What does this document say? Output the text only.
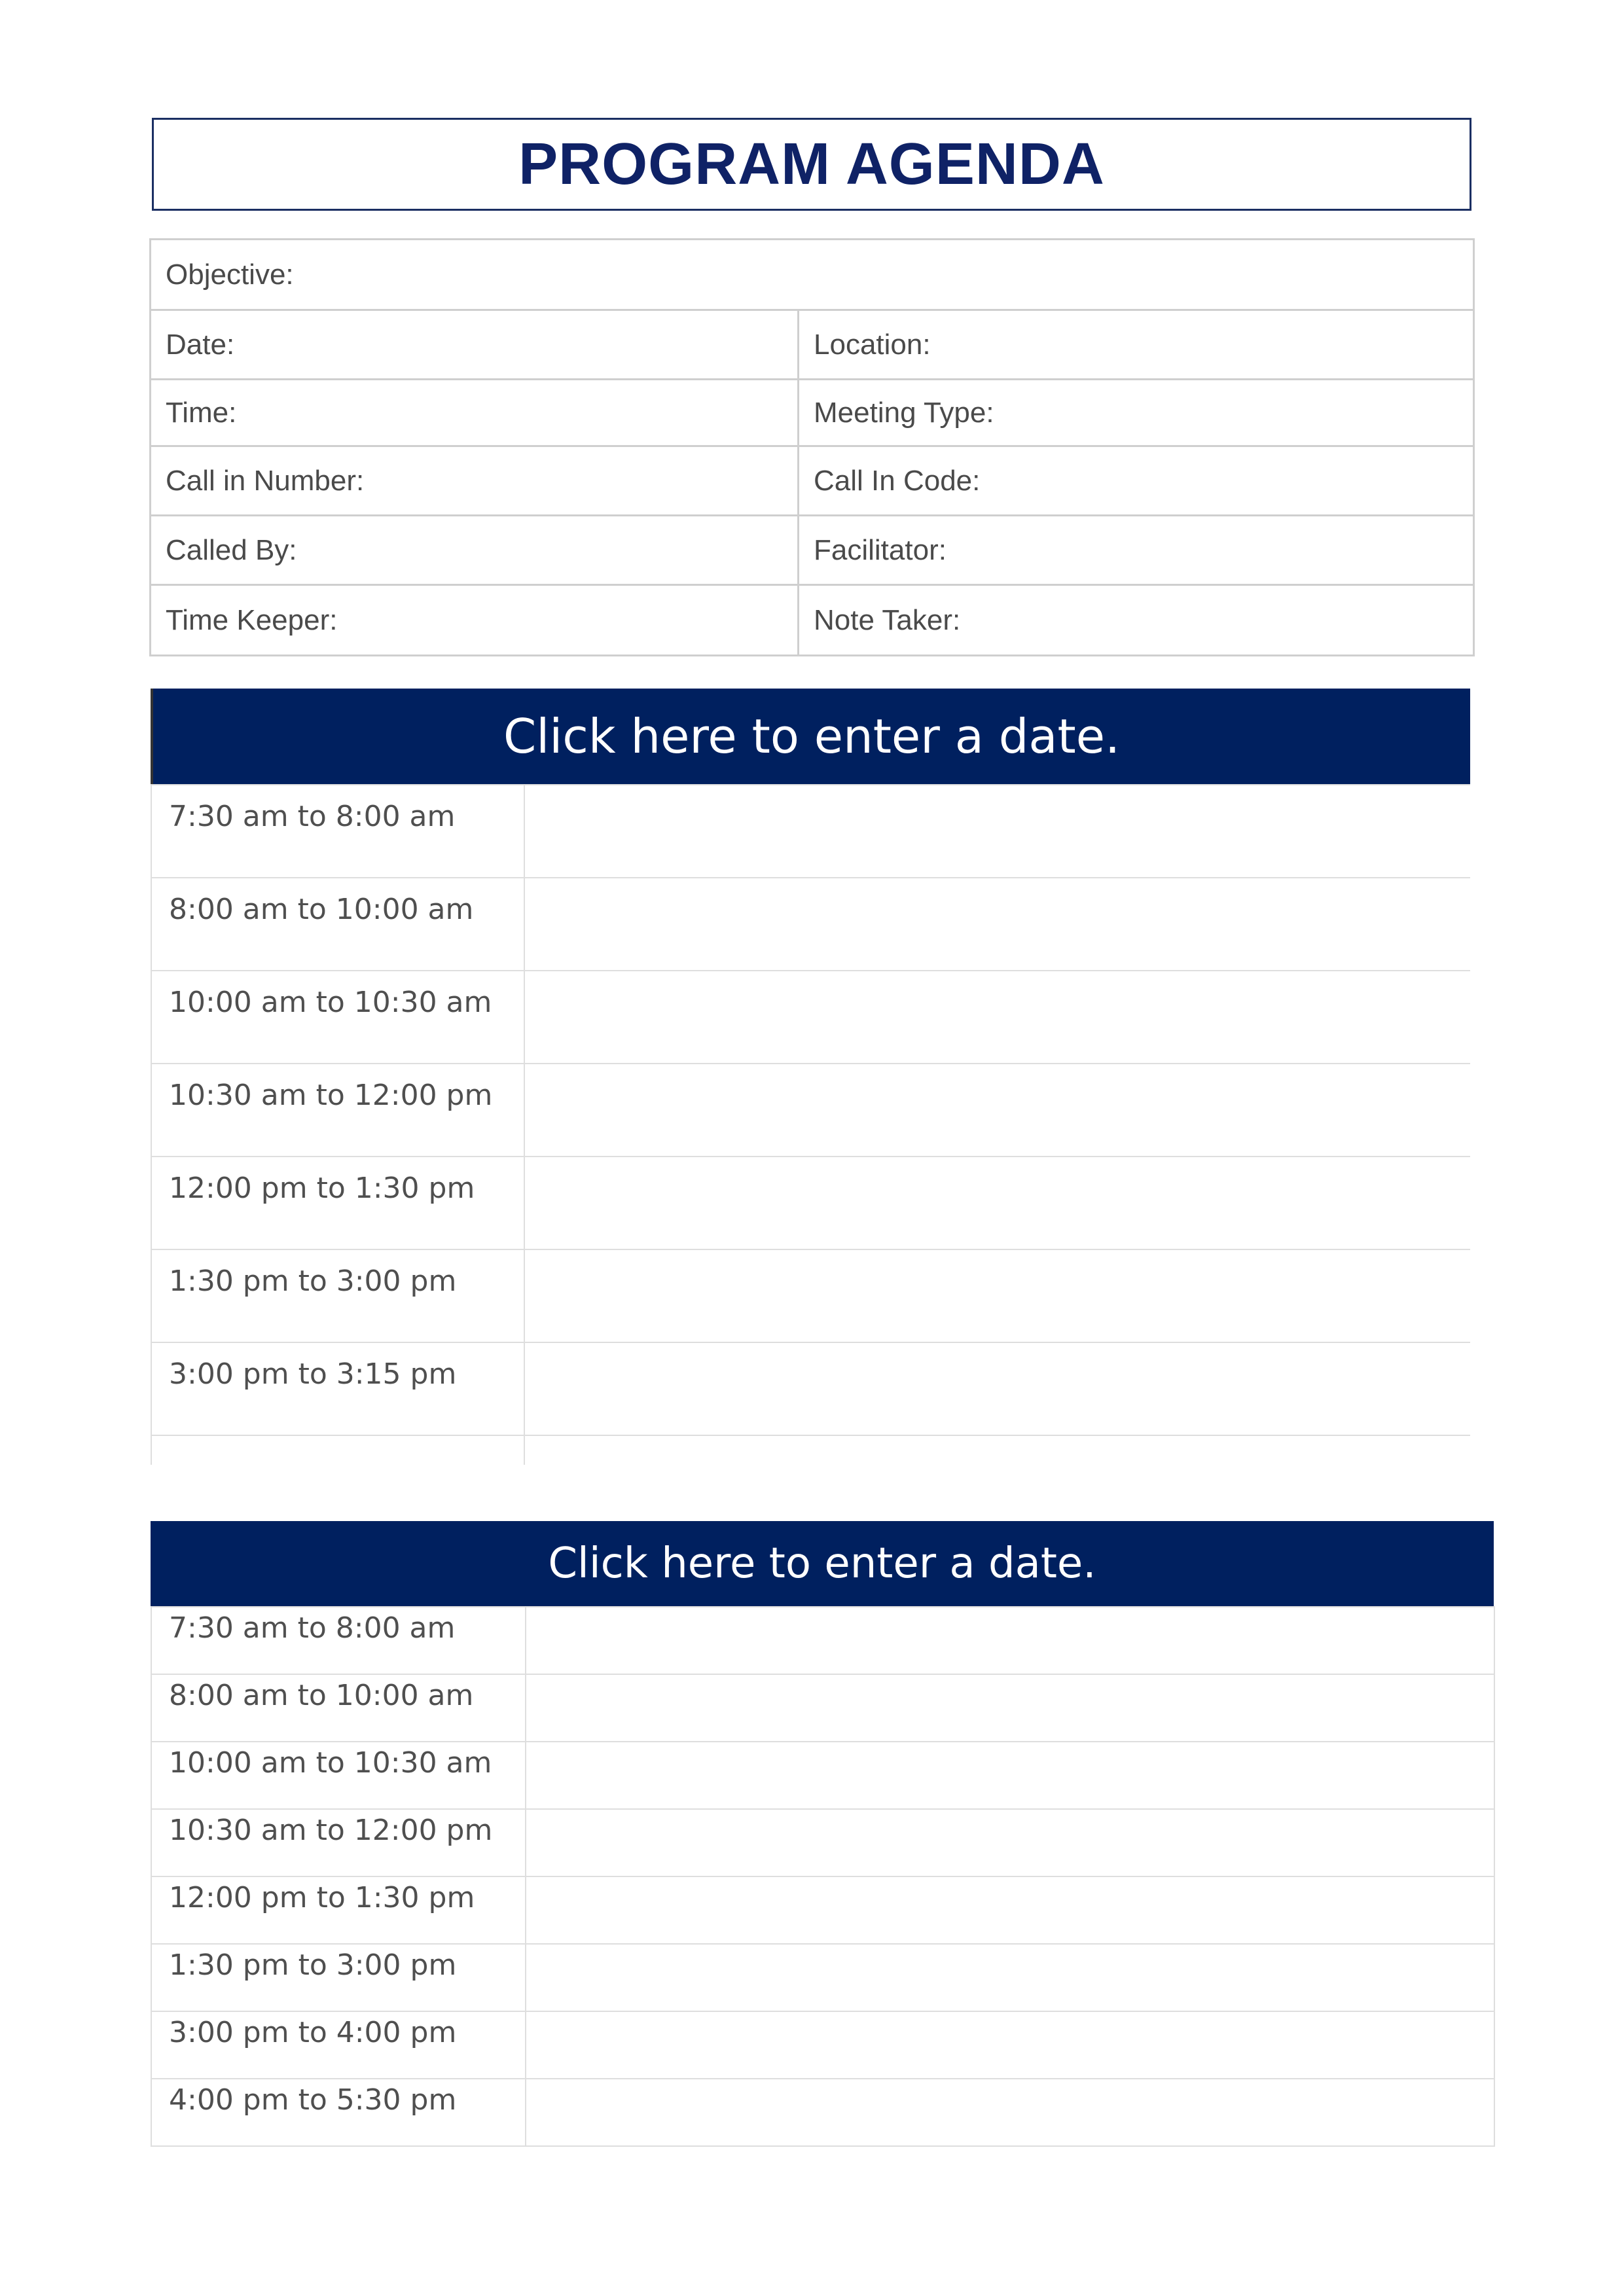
PROGRAM AGENDA
Objective:	
Date:	Location:
Time:	Meeting Type:
Call in Number:	Call In Code:
Called By:	Facilitator:
Time Keeper:	Note Taker:
Click here to enter a date.
7:30 am to 8:00 am	
8:00 am to 10:00 am	
10:00 am to 10:30 am	
10:30 am to 12:00 pm	
12:00 pm to 1:30 pm	
1:30 pm to 3:00 pm	
3:00 pm to 3:15 pm	

Click here to enter a date.
7:30 am to 8:00 am	
8:00 am to 10:00 am	
10:00 am to 10:30 am	
10:30 am to 12:00 pm	
12:00 pm to 1:30 pm	
1:30 pm to 3:00 pm	
3:00 pm to 4:00 pm	
4:00 pm to 5:30 pm	
